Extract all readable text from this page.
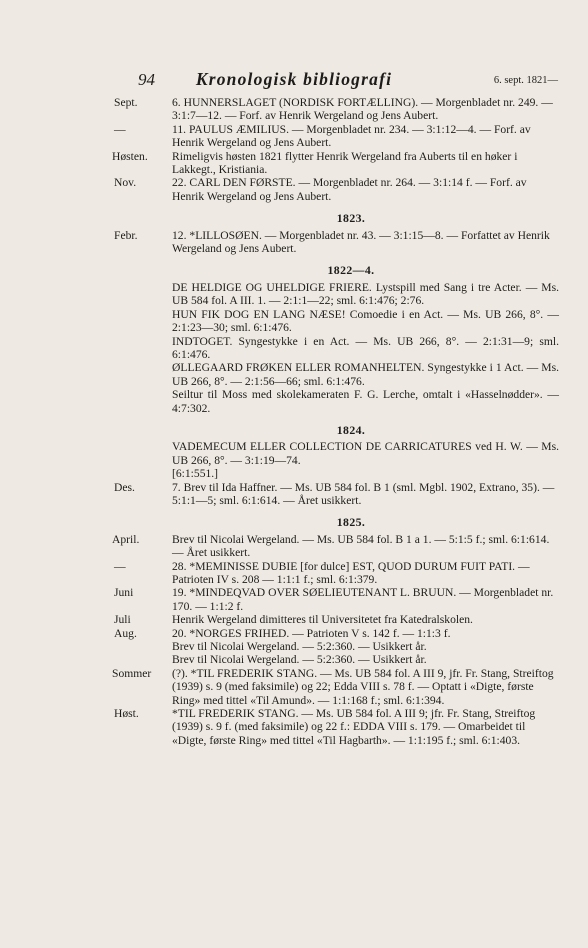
94	Kronologisk bibliografi	6. sept. 1821—

Sept.	6. HUNNERSLAGET (NORDISK FORTÆLLING). — Morgenbladet nr. 249. — 3:1:7—12. — Forf. av Henrik Wergeland og Jens Aubert.

—	11. PAULUS ÆMILIUS. — Morgenbladet nr. 234. — 3:1:12—4. — Forf. av Henrik Wergeland og Jens Aubert.

Høsten. Rimeligvis høsten 1821 flytter Henrik Wergeland fra Auberts til en høker i Lakkegt., Kristiania.

Nov.	22. CARL DEN FØRSTE. — Morgenbladet nr. 264. — 3:1:14 f. — Forf. av Henrik Wergeland og Jens Aubert.

1823.

Febr.	12. *LILLOSØEN. — Morgenbladet nr. 43. — 3:1:15—8. — Forfattet av Henrik Wergeland og Jens Aubert.

1822—4.
DE HELDIGE OG UHELDIGE FRIERE. Lystspill med Sang i tre Acter. — Ms. UB 584 fol. A III. 1. — 2:1:1—22; sml. 6:1:476; 2:76.
HUN FIK DOG EN LANG NÆSE! Comoedie i en Act. — Ms. UB 266, 8°. — 2:1:23—30; sml. 6:1:476.
INDTOGET. Syngestykke i en Act. — Ms. UB 266, 8°. — 2:1:31—9; sml. 6:1:476.
ØLLEGAARD FRØKEN ELLER ROMANHELTEN. Syngestykke i 1 Act. — Ms. UB 266, 8°. — 2:1:56—66; sml. 6:1:476.
Seiltur til Moss med skolekameraten F. G. Lerche, omtalt i «Hasselnødder». — 4:7:302.
1824.
VADEMECUM ELLER COLLECTION DE CARRICATURES ved H. W. — Ms. UB 266, 8°. — 3:1:19—74.
[6:1:551.]

Des.	7. Brev til Ida Haffner. — Ms. UB 584 fol. B 1 (sml. Mgbl. 1902, Extrano, 35). — 5:1:1—5; sml. 6:1:614. — Året usikkert.

1825.

April.	Brev til Nicolai Wergeland. — Ms. UB 584 fol. B 1 a 1. — 5:1:5 f.; sml. 6:1:614. — Året usikkert.

—	28. *MEMINISSE DUBIE [for dulce] EST, QUOD DURUM FUIT PATI. — Patrioten IV s. 208 — 1:1:1 f.; sml. 6:1:379.

Juni	19. *MINDEQVAD OVER SØELIEUTENANT L. BRUUN. — Morgenbladet nr. 170. — 1:1:2 f.

Juli	Henrik Wergeland dimitteres til Universitetet fra Katedralskolen.

Aug.	20. *NORGES FRIHED. — Patrioten V s. 142 f. — 1:1:3 f.

Brev til Nicolai Wergeland. — 5:2:360. — Usikkert år.

Brev til Nicolai Wergeland. — 5:2:360. — Usikkert år.

Sommer (?). *TIL FREDERIK STANG. — Ms. UB 584 fol. A III 9, jfr. Fr. Stang, Streiftog (1939) s. 9 (med faksimile) og 22; Edda VIII s. 78 f. — Optatt i «Digte, første Ring» med tittel «Til Amund». — 1:1:168 f.; sml. 6:1:394.

Høst.	*TIL FREDERIK STANG. — Ms. UB 584 fol. A III 9; jfr. Fr. Stang, Streiftog (1939) s. 9 f. (med faksimile) og 22 f.: EDDA VIII s. 179. — Omarbeidet til «Digte, første Ring» med tittel «Til Hagbarth». — 1:1:195 f.; sml. 6:1:403.
